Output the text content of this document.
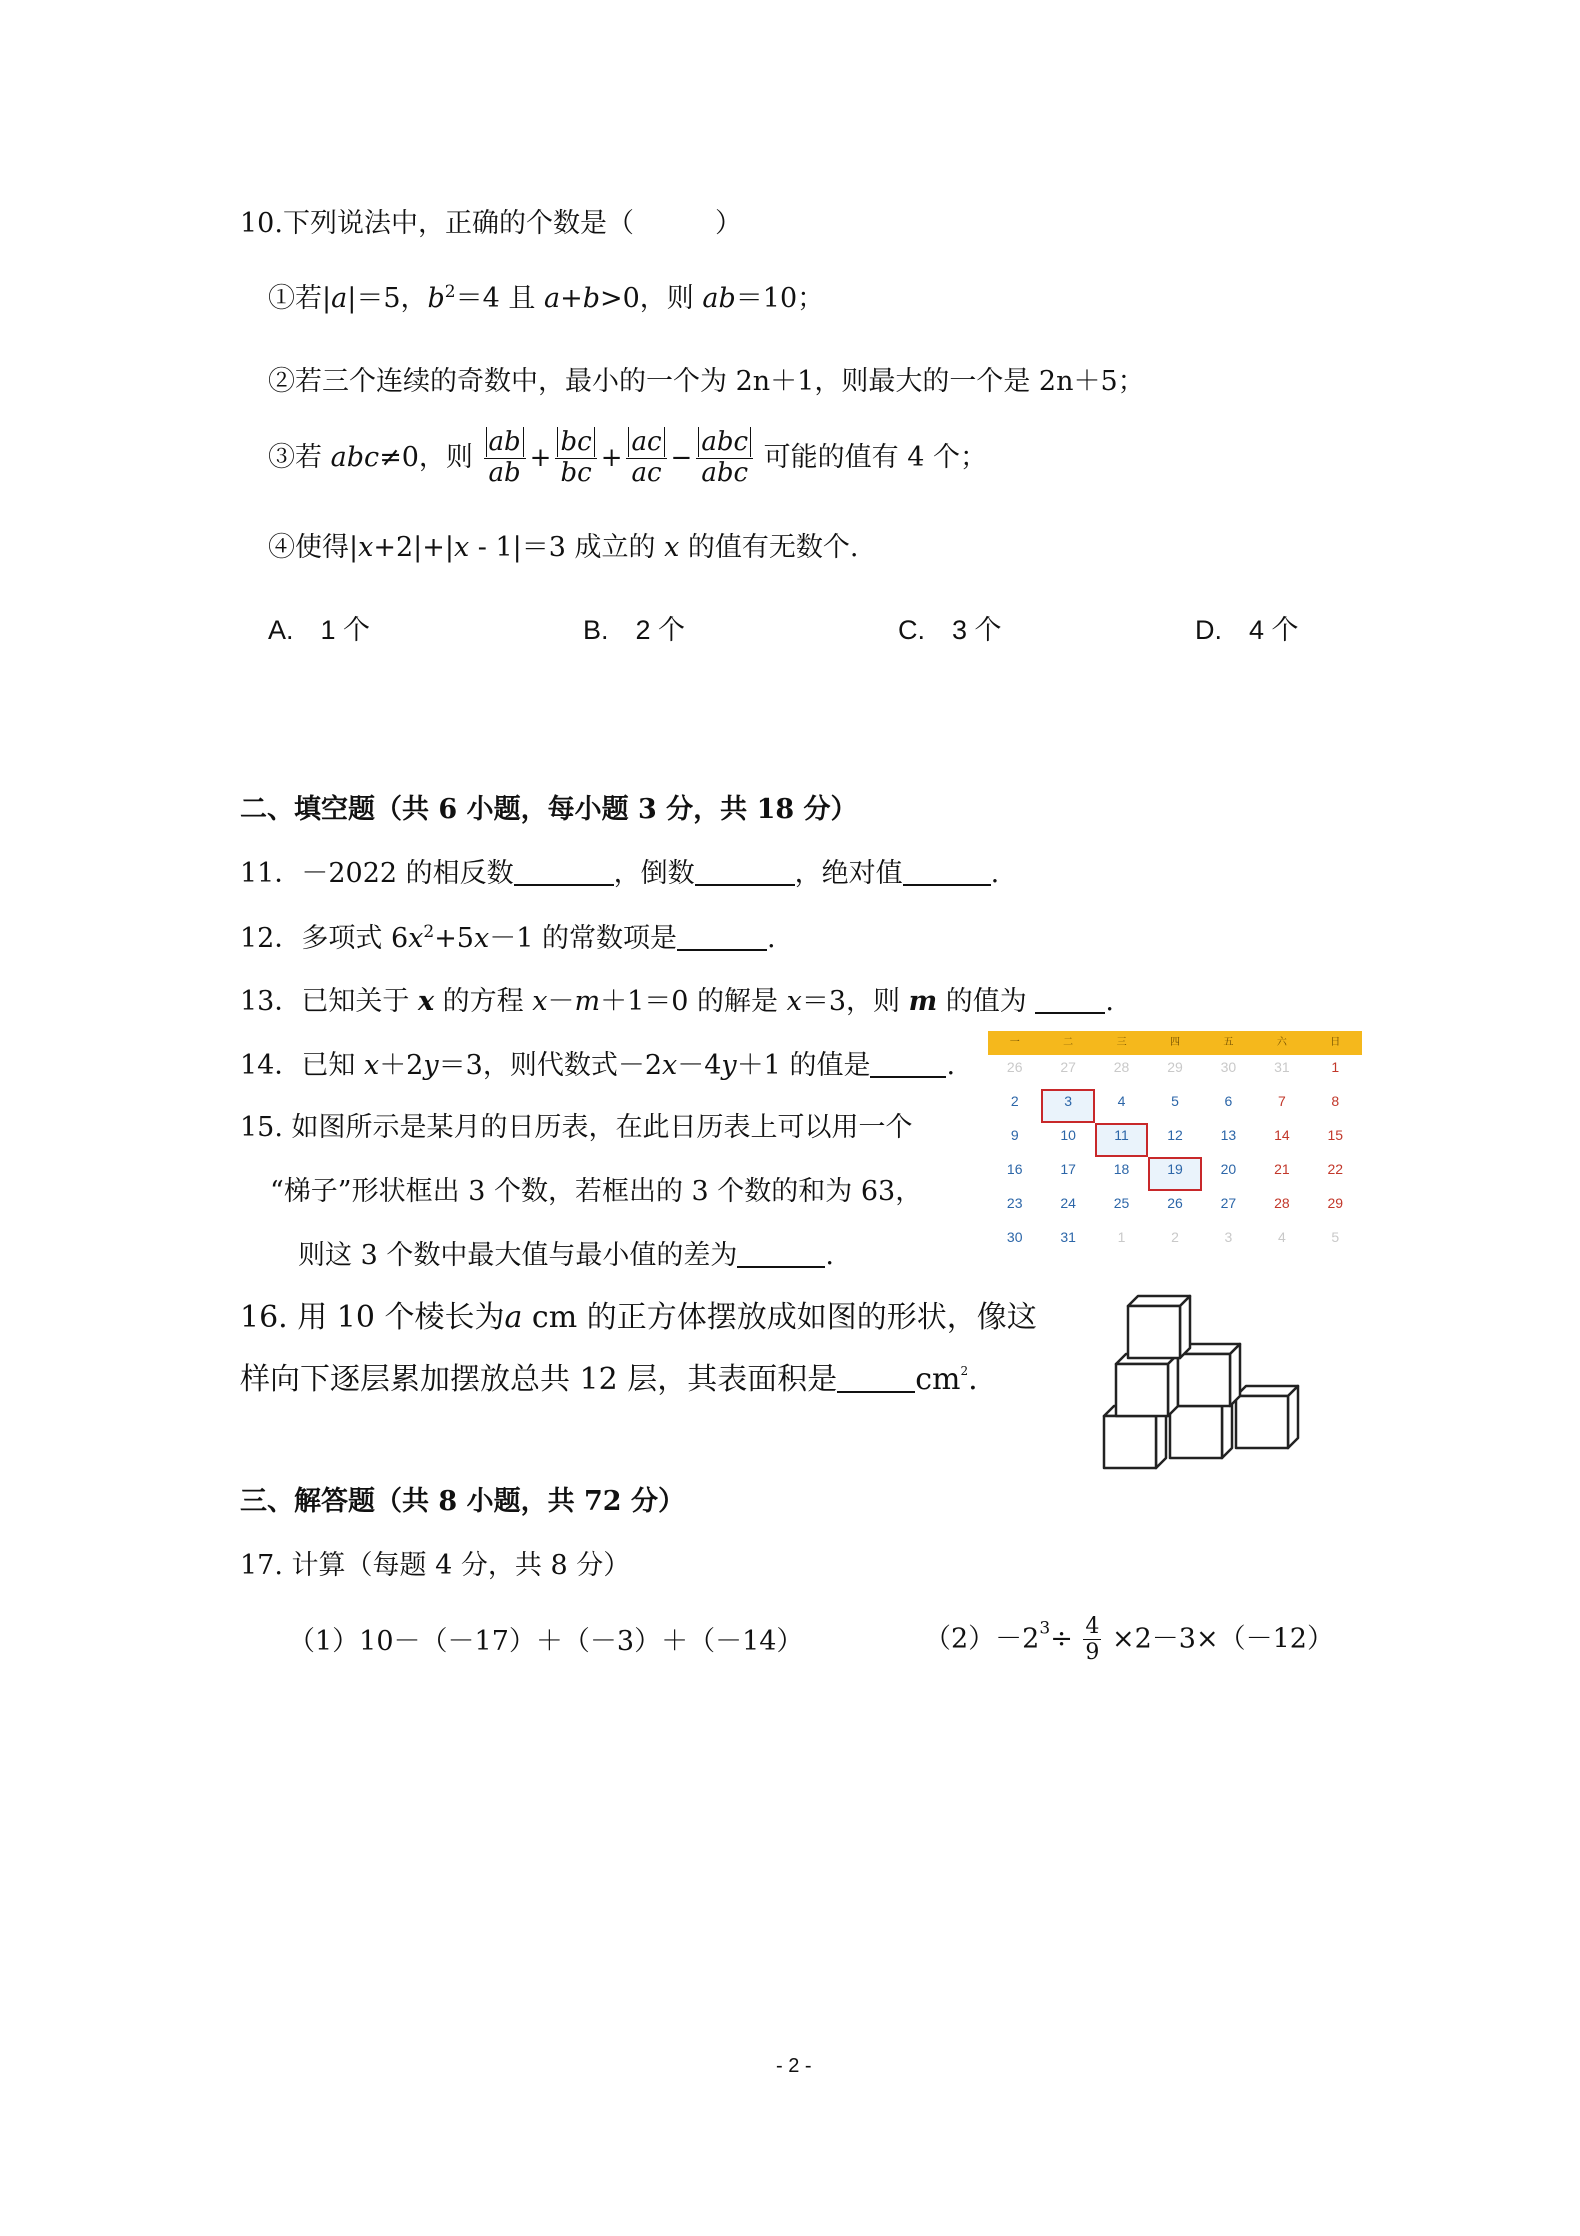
10.下列说法中，正确的个数是（　　　）
①若|a|＝5，$b^2=4$ 且 a+b>0，则 ab＝10；
②若三个连续的奇数中，最小的一个为 2n＋1，则最大的一个是 2n＋5；
③若 abc≠0，则 $\frac{ab}{ab} + \frac{bc}{bc} + \frac{ac}{ac} - \frac{\text{abc}}{\text{abc}}$ 可能的值有 4 个；
④使得|x+2|+|x - 1|＝3 成立的 x 的值有无数个.
A.　1 个	B.　2 个	C.　3 个	D.　4 个
二、填空题（共 6 小题，每小题 3 分，共 18 分）
11．－2022 的相反数	，倒数	，绝对值	.
12．多项式 $6x^2+5x-1$ 的常数项是	.
13．已知关于 x 的方程 x－m＋1＝0 的解是 x＝3，则 m 的值为	.
14．已知 x＋2y＝3，则代数式－2x－4y＋1 的值是	.
15. 如图所示是某月的日历表，在此日历表上可以用一个
“梯子”形状框出 3 个数，若框出的 3 个数的和为 63，
则这 3 个数中最大值与最小值的差为	.
一	二	三	四	五	六	日
26	27	28	29	30	31	1
2	3	4	5	6	7	8
9	10	11	12	13	14	15
16	17	18	19	20	21	22
23	24	25	26	27	28	29
30	31	1	2	3	4	5
16. 用 10 个棱长为a cm 的正方体摆放成如图的形状，像这
样向下逐层累加摆放总共 12 层，其表面积是	$cm^2$.
三、解答题（共 8 小题，共 72 分）
17. 计算（每题 4 分，共 8 分）
（1）10－（－17）＋（－3）＋（－14）	$(2)-2^3\div \frac{4}{9} \times 2-3\times(-12)$
- 2 -
